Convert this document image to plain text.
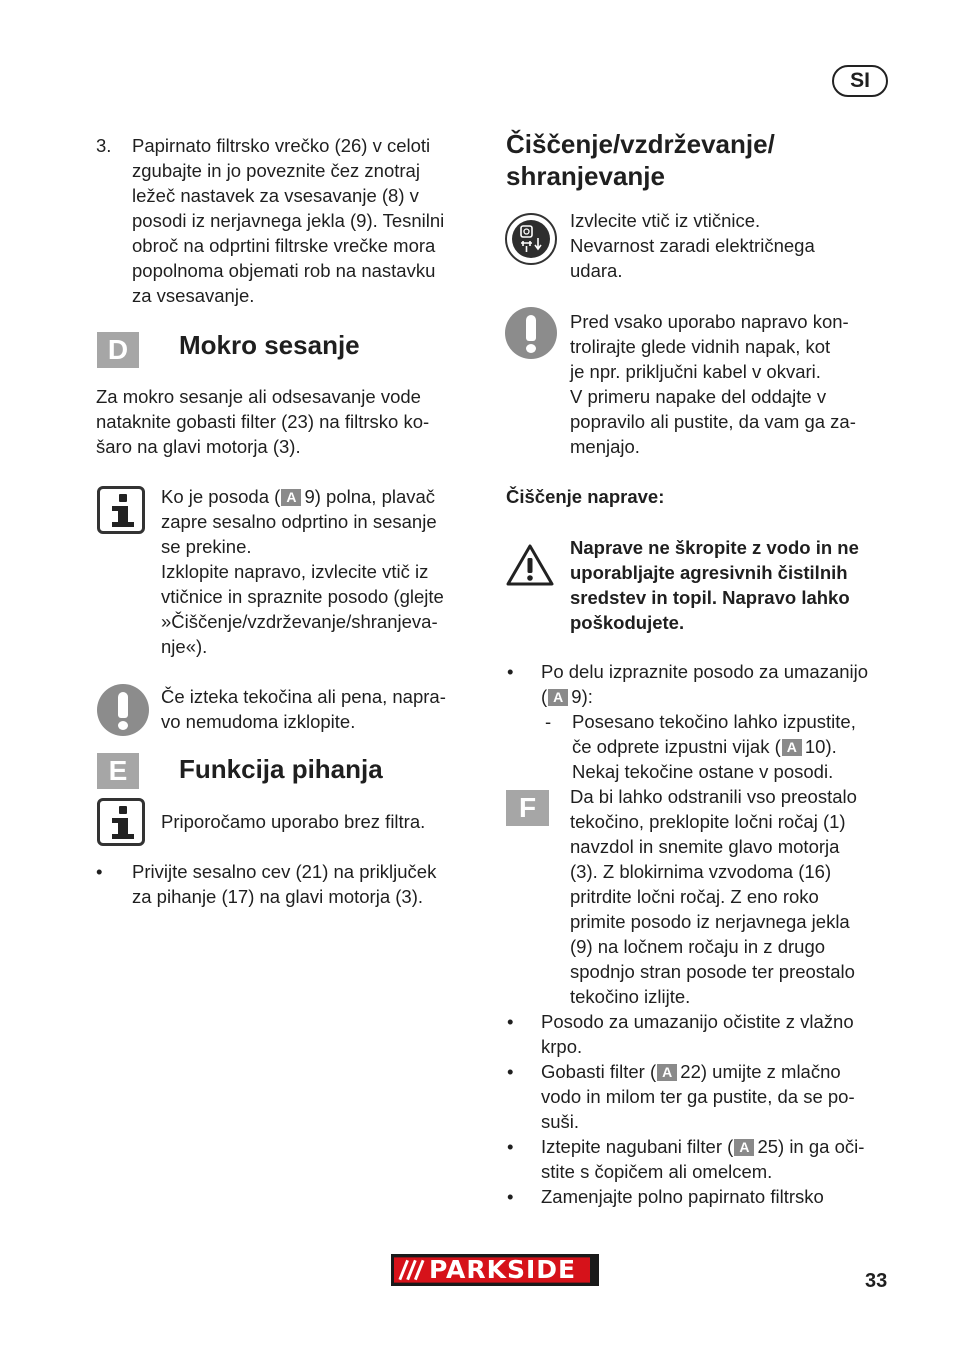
SI
3. Papirnato filtrsko vrečko (26) v celoti
zgubajte in jo poveznite čez znotraj
ležeč nastavek za vsesavanje (8) v
posodi iz nerjavnega jekla (9). Tesnilni
obroč na odprtini filtrske vrečke mora
popolnoma objemati rob na nastavku
za vsesavanje.
D	Mokro sesanje
Za mokro sesanje ali odsesavanje vode
nataknite gobasti filter (23) na filtrsko ko-
šaro na glavi motorja (3).
Ko je posoda ( A 9) polna, plavač
zapre sesalno odprtino in sesanje
se prekine.
Izklopite napravo, izvlecite vtič iz
vtičnice in spraznite posodo (glejte
»Čiščenje/vzdrževanje/shranjeva-
nje«).
Če izteka tekočina ali pena, napra-
vo nemudoma izklopite.
E	Funkcija pihanja
Priporočamo uporabo brez filtra.
• Privijte sesalno cev (21) na priključek
za pihanje (17) na glavi motorja (3).
Čiščenje/vzdrževanje/
shranjevanje
Izvlecite vtič iz vtičnice.
Nevarnost zaradi električnega
udara.
Pred vsako uporabo napravo kon-
trolirajte glede vidnih napak, kot
je npr. priključni kabel v okvari.
V primeru napake del oddajte v
popravilo ali pustite, da vam ga za-
menjajo.
Čiščenje naprave:
Naprave ne škropite z vodo in ne
uporabljajte agresivnih čistilnih
sredstev in topil. Napravo lahko
poškodujete.
• Po delu izpraznite posodo za umazanijo
( A 9):
- Posesano tekočino lahko izpustite,
če odprete izpustni vijak ( A 10).
Nekaj tekočine ostane v posodi.
F	Da bi lahko odstranili vso preostalo
tekočino, preklopite ločni ročaj (1)
navzdol in snemite glavo motorja
(3). Z blokirnima vzvodoma (16)
pritrdite ločni ročaj. Z eno roko
primite posodo iz nerjavnega jekla
(9) na ločnem ročaju in z drugo
spodnjo stran posode ter preostalo
tekočino izlijte.
• Posodo za umazanijo očistite z vlažno
krpo.
• Gobasti filter ( A 22) umijte z mlačno
vodo in milom ter ga pustite, da se po-
suši.
• Iztepite nagubani filter ( A 25) in ga oči-
stite s čopičem ali omelcem.
• Zamenjajte polno papirnato filtrsko
PARKSIDE	33
